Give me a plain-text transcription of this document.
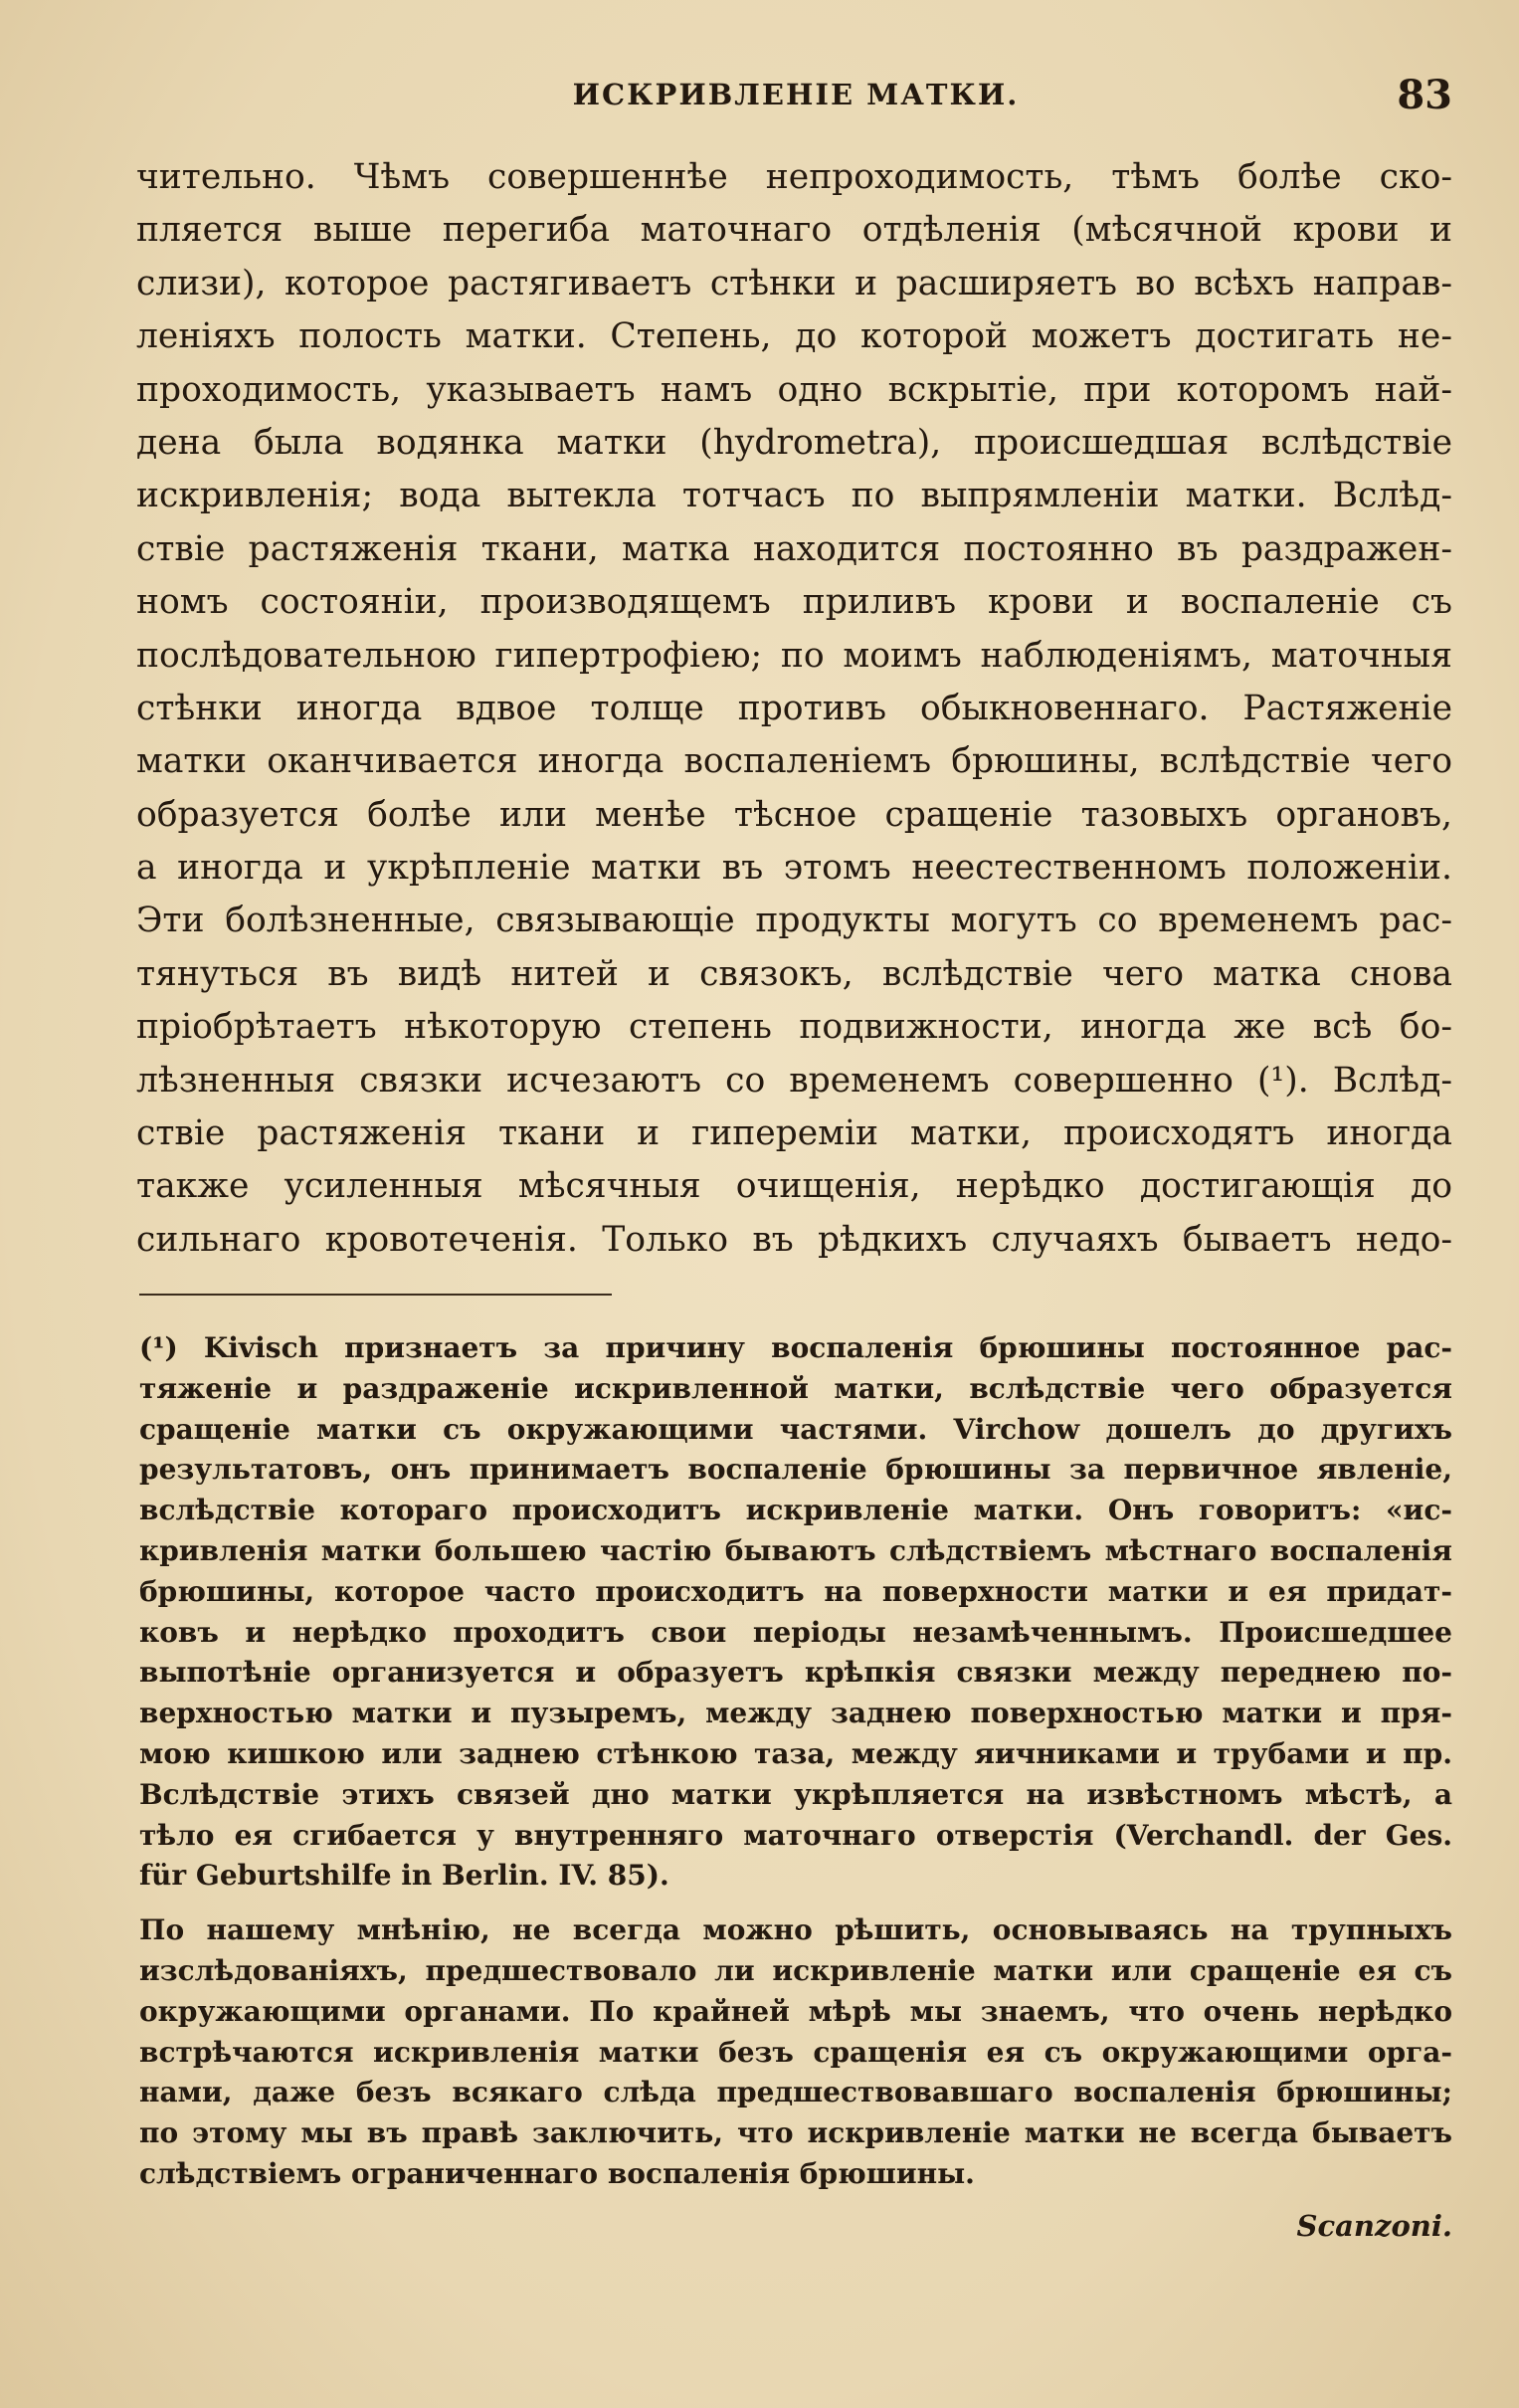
ИСКРИВЛЕНІЕ МАТКИ.	83
чительно. Чѣмъ совершеннѣе непроходимость, тѣмъ болѣе ско-
пляется выше перегиба маточнаго отдѣленія (мѣсячной крови и
слизи), которое растягиваетъ стѣнки и расширяетъ во всѣхъ направ-
леніяхъ полость матки. Степень, до которой можетъ достигать не-
проходимость, указываетъ намъ одно вскрытіе, при которомъ най-
дена была водянка матки (hydrometra), происшедшая вслѣдствіе
искривленія; вода вытекла тотчасъ по выпрямленіи матки. Вслѣд-
ствіе растяженія ткани, матка находится постоянно въ раздражен-
номъ состояніи, производящемъ приливъ крови и воспаленіе съ
послѣдовательною гипертрофіею; по моимъ наблюденіямъ, маточныя
стѣнки иногда вдвое толще противъ обыкновеннаго. Растяженіе
матки оканчивается иногда воспаленіемъ брюшины, вслѣдствіе чего
образуется болѣе или менѣе тѣсное сращеніе тазовыхъ органовъ,
а иногда и укрѣпленіе матки въ этомъ неестественномъ положеніи.
Эти болѣзненные, связывающіе продукты могутъ со временемъ рас-
тянуться въ видѣ нитей и связокъ, вслѣдствіе чего матка снова
пріобрѣтаетъ нѣкоторую степень подвижности, иногда же всѣ бо-
лѣзненныя связки исчезаютъ со временемъ совершенно (¹). Вслѣд-
ствіе растяженія ткани и гипереміи матки, происходятъ иногда
также усиленныя мѣсячныя очищенія, нерѣдко достигающія до
сильнаго кровотеченія. Только въ рѣдкихъ случаяхъ бываетъ недо-
(¹) Kivisch признаетъ за причину воспаленія брюшины постоянное рас-
тяженіе и раздраженіе искривленной матки, вслѣдствіе чего образуется
сращеніе матки съ окружающими частями. Virchow дошелъ до другихъ
результатовъ, онъ принимаетъ воспаленіе брюшины за первичное явленіе,
вслѣдствіе котораго происходитъ искривленіе матки. Онъ говоритъ: «ис-
кривленія матки большею частію бываютъ слѣдствіемъ мѣстнаго воспаленія
брюшины, которое часто происходитъ на поверхности матки и ея придат-
ковъ и нерѣдко проходитъ свои періоды незамѣченнымъ. Происшедшее
выпотѣніе организуется и образуетъ крѣпкія связки между переднею по-
верхностью матки и пузыремъ, между заднею поверхностью матки и пря-
мою кишкою или заднею стѣнкою таза, между яичниками и трубами и пр.
Вслѣдствіе этихъ связей дно матки укрѣпляется на извѣстномъ мѣстѣ, а
тѣло ея сгибается у внутренняго маточнаго отверстія (Verchandl. der Ges.
für Geburtshilfe in Berlin. IV. 85).
По нашему мнѣнію, не всегда можно рѣшить, основываясь на трупныхъ
изслѣдованіяхъ, предшествовало ли искривленіе матки или сращеніе ея съ
окружающими органами. По крайней мѣрѣ мы знаемъ, что очень нерѣдко
встрѣчаются искривленія матки безъ сращенія ея съ окружающими орга-
нами, даже безъ всякаго слѣда предшествовавшаго воспаленія брюшины;
по этому мы въ правѣ заключить, что искривленіе матки не всегда бываетъ
слѣдствіемъ ограниченнаго воспаленія брюшины.
Scanzoni.
